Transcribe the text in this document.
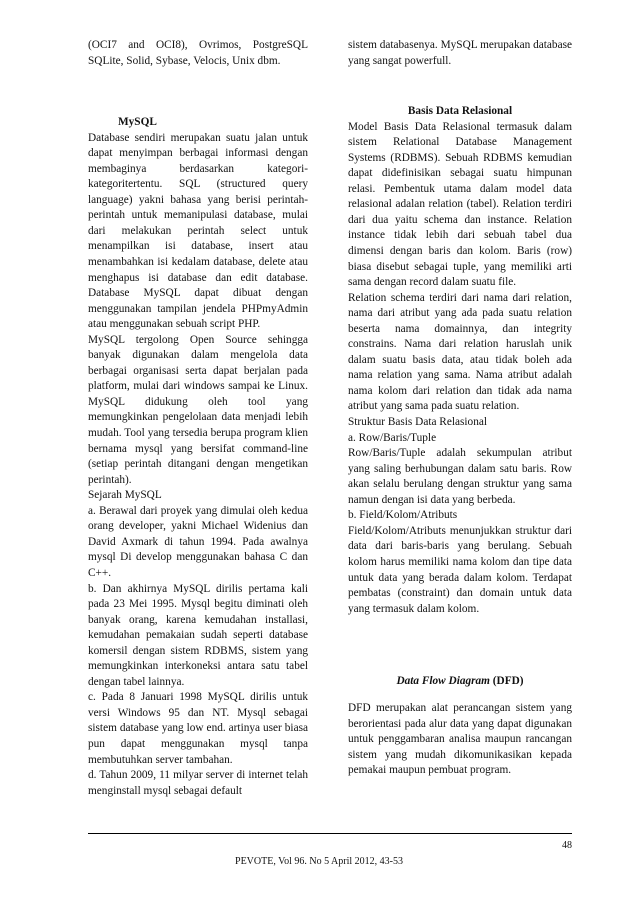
(OCI7 and OCI8), Ovrimos, PostgreSQL SQLite, Solid, Sybase, Velocis, Unix dbm.

MySQL

Database sendiri merupakan suatu jalan untuk dapat menyimpan berbagai informasi dengan membaginya berdasarkan kategori-kategoritertentu. SQL (structured query language) yakni bahasa yang berisi perintah-perintah untuk memanipulasi database, mulai dari melakukan perintah select untuk menampilkan isi database, insert atau menambahkan isi kedalam database, delete atau menghapus isi database dan edit database. Database MySQL dapat dibuat dengan menggunakan tampilan jendela PHPmyAdmin atau menggunakan sebuah script PHP.

MySQL tergolong Open Source sehingga banyak digunakan dalam mengelola data berbagai organisasi serta dapat berjalan pada platform, mulai dari windows sampai ke Linux. MySQL didukung oleh tool yang memungkinkan pengelolaan data menjadi lebih mudah. Tool yang tersedia berupa program klien bernama mysql yang bersifat command-line (setiap perintah ditangani dengan mengetikan perintah).

Sejarah MySQL

a. Berawal dari proyek yang dimulai oleh kedua orang developer, yakni Michael Widenius dan David Axmark di tahun 1994. Pada awalnya mysql Di develop menggunakan bahasa C dan C++.

b. Dan akhirnya MySQL dirilis pertama kali pada 23 Mei 1995. Mysql begitu diminati oleh banyak orang, karena kemudahan installasi, kemudahan pemakaian sudah seperti database komersil dengan sistem RDBMS, sistem yang memungkinkan interkoneksi antara satu tabel dengan tabel lainnya.

c. Pada 8 Januari 1998 MySQL dirilis untuk versi Windows 95 dan NT. Mysql sebagai sistem database yang low end. artinya user biasa pun dapat menggunakan mysql tanpa membutuhkan server tambahan.

d. Tahun 2009, 11 milyar server di internet telah menginstall mysql sebagai default

sistem databasenya. MySQL merupakan database yang sangat powerfull.

Basis Data Relasional

Model Basis Data Relasional termasuk dalam sistem Relational Database Management Systems (RDBMS). Sebuah RDBMS kemudian dapat didefinisikan sebagai suatu himpunan relasi. Pembentuk utama dalam model data relasional adalan relation (tabel). Relation terdiri dari dua yaitu schema dan instance. Relation instance tidak lebih dari sebuah tabel dua dimensi dengan baris dan kolom. Baris (row) biasa disebut sebagai tuple, yang memiliki arti sama dengan record dalam suatu file.

Relation schema terdiri dari nama dari relation, nama dari atribut yang ada pada suatu relation beserta nama domainnya, dan integrity constrains. Nama dari relation haruslah unik dalam suatu basis data, atau tidak boleh ada nama relation yang sama. Nama atribut adalah nama kolom dari relation dan tidak ada nama atribut yang sama pada suatu relation.

Struktur Basis Data Relasional

a. Row/Baris/Tuple

Row/Baris/Tuple adalah sekumpulan atribut yang saling berhubungan dalam satu baris. Row akan selalu berulang dengan struktur yang sama namun dengan isi data yang berbeda.

b. Field/Kolom/Atributs

Field/Kolom/Atributs menunjukkan struktur dari data dari baris-baris yang berulang. Sebuah kolom harus memiliki nama kolom dan tipe data untuk data yang berada dalam kolom. Terdapat pembatas (constraint) dan domain untuk data yang termasuk dalam kolom.

Data Flow Diagram (DFD)

DFD merupakan alat perancangan sistem yang berorientasi pada alur data yang dapat digunakan untuk penggambaran analisa maupun rancangan sistem yang mudah dikomunikasikan kepada pemakai maupun pembuat program.

48
PEVOTE, Vol 96. No 5 April 2012, 43-53
